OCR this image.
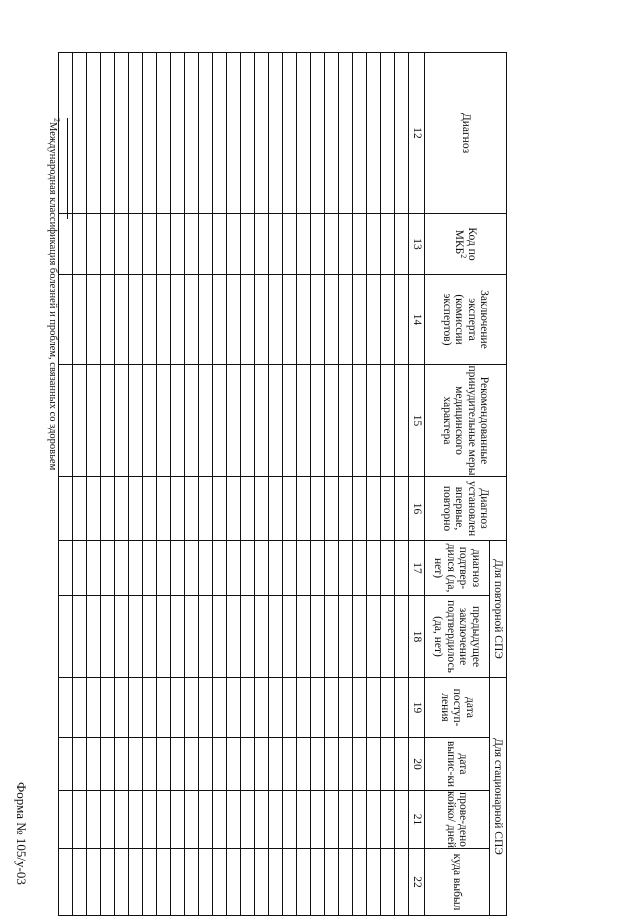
Форма № 105/у-03
Диагноз	Код по МКБ$^2$	Заключение эксперта (комиссии экспертов)	Рекомендованные принудительные меры медицинского характера	Диагноз установлен впервые, повторно	Для повторной СПЭ		Для стационарной СПЭ			
					диагноз подтвер-дился (да, нет)	предыдущее заключение подтвердилось (да, нет)	дата поступ-ления	дата выпис-ки	прове-дено койко/ дней	куда выбыл
12	13	14	15	16	17	18	19	20	21	22

$^2$Международная классификация болезней и проблем, связанных со здоровьем
